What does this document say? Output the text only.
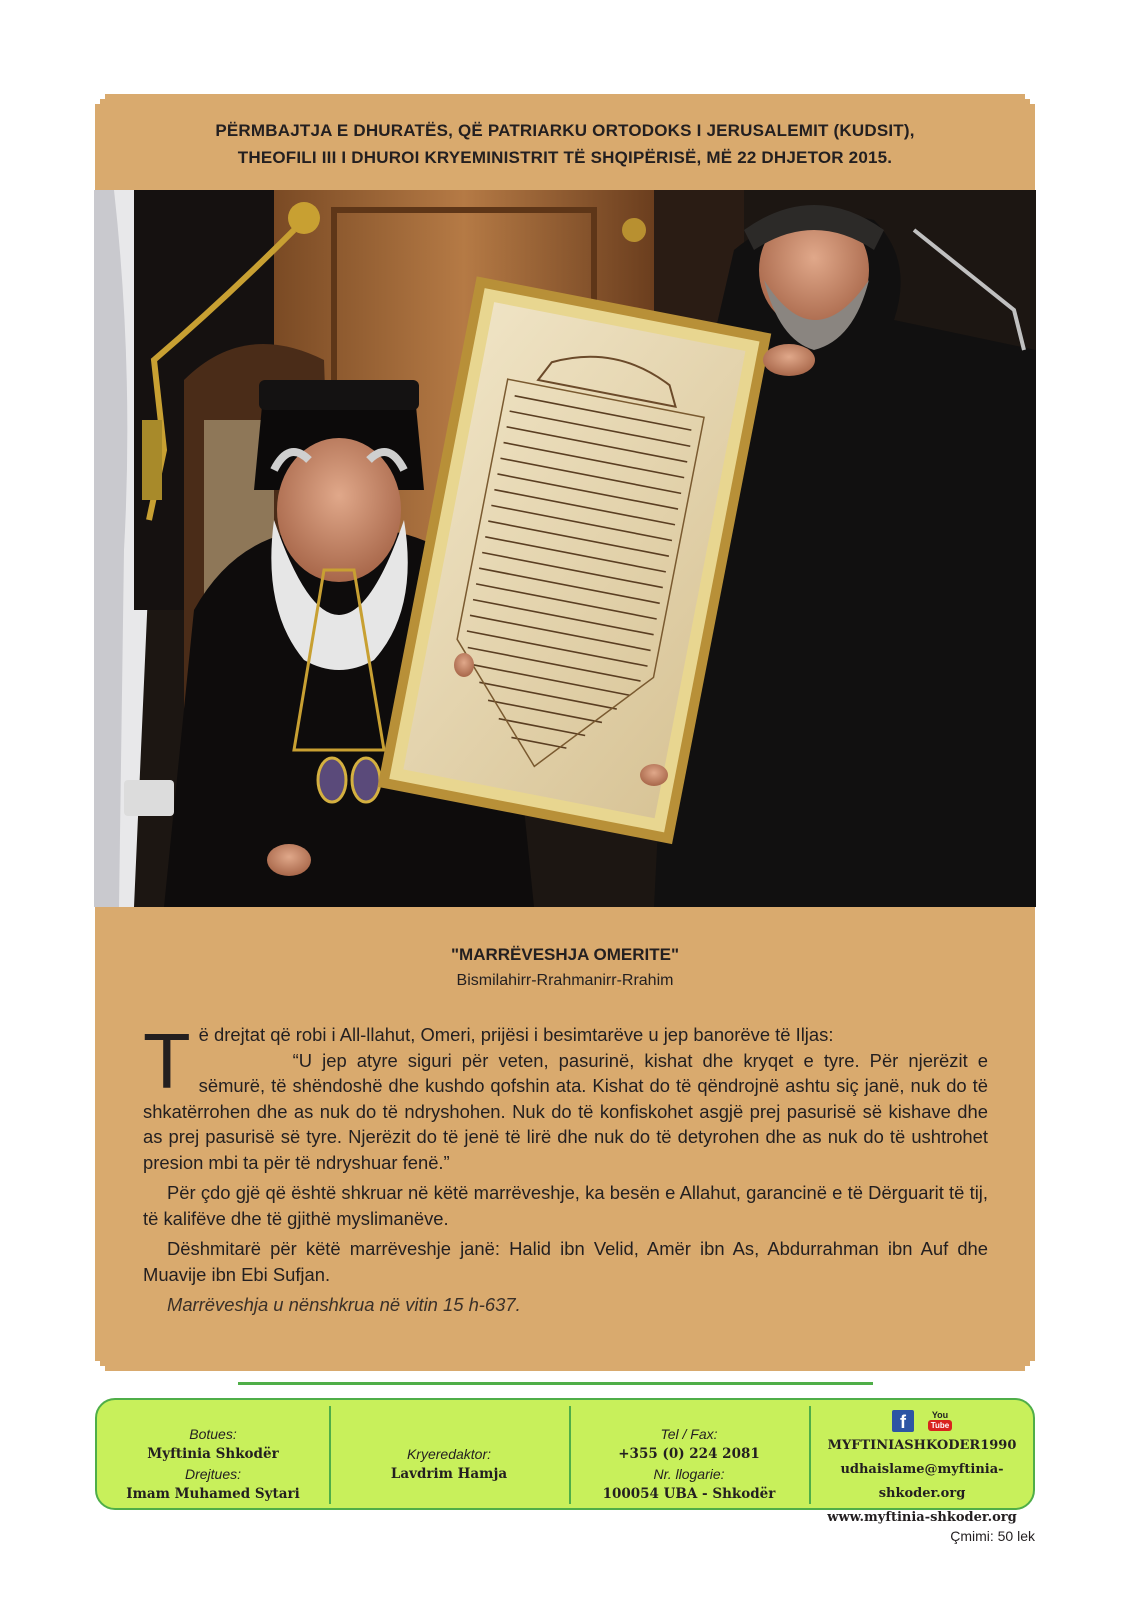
PËRMBAJTJA E DHURATËS, QË PATRIARKU ORTODOKS I JERUSALEMIT (KUDSIT),
THEOFILI III I DHUROI KRYEMINISTRIT TË SHQIPËRISË, MË 22 DHJETOR 2015.
"MARRËVESHJA OMERITE"
Bismilahirr-Rrahmanirr-Rrahim
T ë drejtat që robi i All-llahut, Omeri, prijësi i besimtarëve u jep banorëve të Iljas:

“U jep atyre siguri për veten, pasurinë, kishat dhe kryqet e tyre. Për njerëzit e sëmurë, të shëndoshë dhe kushdo qofshin ata. Kishat do të qëndrojnë ashtu siç janë, nuk do të shkatërrohen dhe as nuk do të ndryshohen. Nuk do të konfiskohet asgjë prej pasurisë së kishave dhe as prej pasurisë së tyre. Njerëzit do të jenë të lirë dhe nuk do të detyrohen dhe as nuk do të ushtrohet presion mbi ta për të ndryshuar fenë.”

Për çdo gjë që është shkruar në këtë marrëveshje, ka besën e Allahut, garancinë e të Dërguarit të tij, të kalifëve dhe të gjithë myslimanëve.

Dëshmitarë për këtë marrëveshje janë: Halid ibn Velid, Amër ibn As, Abdurrahman ibn Auf dhe Muavije ibn Ebi Sufjan.

Marrëveshja u nënshkrua në vitin 15 h-637.

Botues:
Myftinia Shkodër
Drejtues:
Imam Muhamed Sytari
Kryeredaktor:
Lavdrim Hamja
Tel / Fax:
+355 (0) 224 2081
Nr. llogarie:
100054 UBA - Shkodër
f	You
Tube
MYFTINIASHKODER1990
udhaislame@myftinia-shkoder.org
www.myftinia-shkoder.org
Çmimi: 50 lek
